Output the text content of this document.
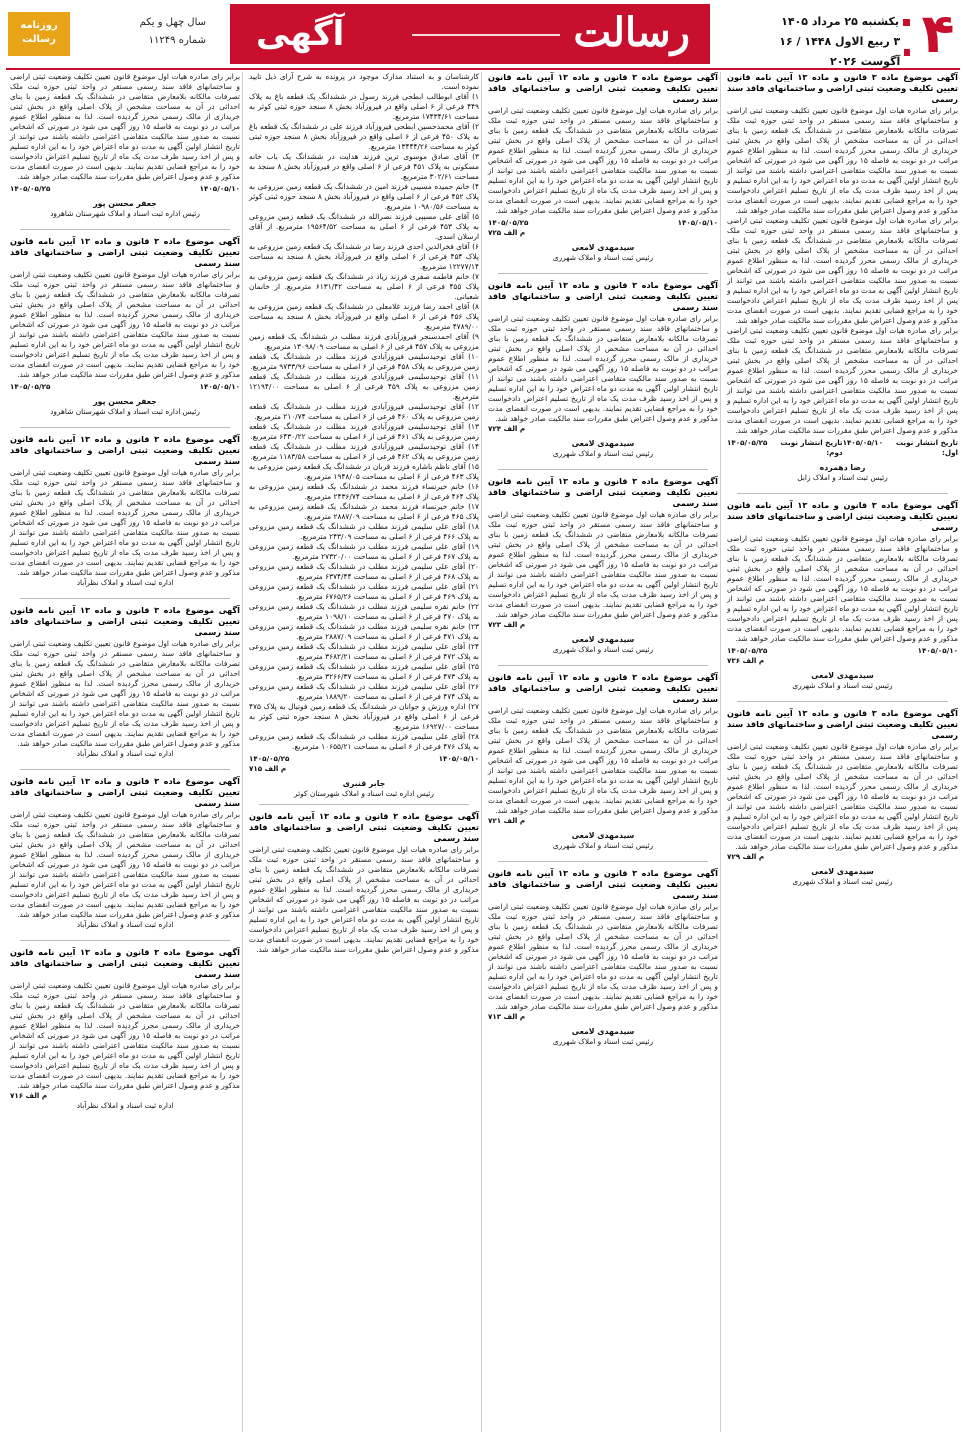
۴
یکشنبه ۲۵ مرداد ۱۴۰۵
۳ ربیع الاول ۱۴۴۸ / ۱۶ آگوست ۲۰۲۶
آگهی	رسالت
روزنامه رسالت
سال چهل و یکم
شماره ۱۱۲۴۹
آگهی موضوع ماده ۳ قانون و ماده ۱۳ آیین نامه قانون تعیین تکلیف وضعیت ثبتی اراضی و ساختمانهای فاقد سند رسمی
برابر رای صادره هیات اول موضوع قانون تعیین تکلیف وضعیت ثبتی اراضی و ساختمانهای فاقد سند رسمی مستقر در واحد ثبتی حوزه ثبت ملک تصرفات مالکانه بلامعارض متقاضی در ششدانگ یک قطعه زمین با بنای احداثی در آن به مساحت مشخص از پلاک اصلی واقع در بخش ثبتی خریداری از مالک رسمی محرز گردیده است. لذا به منظور اطلاع عموم مراتب در دو نوبت به فاصله ۱۵ روز آگهی می شود در صورتی که اشخاص نسبت به صدور سند مالکیت متقاضی اعتراضی داشته باشند می توانند از تاریخ انتشار اولین آگهی به مدت دو ماه اعتراض خود را به این اداره تسلیم و پس از اخذ رسید ظرف مدت یک ماه از تاریخ تسلیم اعتراض دادخواست خود را به مراجع قضایی تقدیم نمایند. بدیهی است در صورت انقضای مدت مذکور و عدم وصول اعتراض طبق مقررات سند مالکیت صادر خواهد شد.
برابر رای صادره هیات اول موضوع قانون تعیین تکلیف وضعیت ثبتی اراضی و ساختمانهای فاقد سند رسمی مستقر در واحد ثبتی حوزه ثبت ملک تصرفات مالکانه بلامعارض متقاضی در ششدانگ یک قطعه زمین با بنای احداثی در آن به مساحت مشخص از پلاک اصلی واقع در بخش ثبتی خریداری از مالک رسمی محرز گردیده است. لذا به منظور اطلاع عموم مراتب در دو نوبت به فاصله ۱۵ روز آگهی می شود در صورتی که اشخاص نسبت به صدور سند مالکیت متقاضی اعتراضی داشته باشند می توانند از تاریخ انتشار اولین آگهی به مدت دو ماه اعتراض خود را به این اداره تسلیم و پس از اخذ رسید ظرف مدت یک ماه از تاریخ تسلیم اعتراض دادخواست خود را به مراجع قضایی تقدیم نمایند. بدیهی است در صورت انقضای مدت مذکور و عدم وصول اعتراض طبق مقررات سند مالکیت صادر خواهد شد.
برابر رای صادره هیات اول موضوع قانون تعیین تکلیف وضعیت ثبتی اراضی و ساختمانهای فاقد سند رسمی مستقر در واحد ثبتی حوزه ثبت ملک تصرفات مالکانه بلامعارض متقاضی در ششدانگ یک قطعه زمین با بنای احداثی در آن به مساحت مشخص از پلاک اصلی واقع در بخش ثبتی خریداری از مالک رسمی محرز گردیده است. لذا به منظور اطلاع عموم مراتب در دو نوبت به فاصله ۱۵ روز آگهی می شود در صورتی که اشخاص نسبت به صدور سند مالکیت متقاضی اعتراضی داشته باشند می توانند از تاریخ انتشار اولین آگهی به مدت دو ماه اعتراض خود را به این اداره تسلیم و پس از اخذ رسید ظرف مدت یک ماه از تاریخ تسلیم اعتراض دادخواست خود را به مراجع قضایی تقدیم نمایند. بدیهی است در صورت انقضای مدت مذکور و عدم وصول اعتراض طبق مقررات سند مالکیت صادر خواهد شد.
تاریخ انتشار نوبت اول:
۱۴۰۵/۰۵/۱۰
تاریخ انتشار نوبت دوم:
۱۴۰۵/۰۵/۲۵
رضا دهمرده
رئیس ثبت اسناد و املاک زابل
آگهی موضوع ماده ۳ قانون و ماده ۱۳ آیین نامه قانون تعیین تکلیف وضعیت ثبتی اراضی و ساختمانهای فاقد سند رسمی
برابر رای صادره هیات اول موضوع قانون تعیین تکلیف وضعیت ثبتی اراضی و ساختمانهای فاقد سند رسمی مستقر در واحد ثبتی حوزه ثبت ملک تصرفات مالکانه بلامعارض متقاضی در ششدانگ یک قطعه زمین با بنای احداثی در آن به مساحت مشخص از پلاک اصلی واقع در بخش ثبتی خریداری از مالک رسمی محرز گردیده است. لذا به منظور اطلاع عموم مراتب در دو نوبت به فاصله ۱۵ روز آگهی می شود در صورتی که اشخاص نسبت به صدور سند مالکیت متقاضی اعتراضی داشته باشند می توانند از تاریخ انتشار اولین آگهی به مدت دو ماه اعتراض خود را به این اداره تسلیم و پس از اخذ رسید ظرف مدت یک ماه از تاریخ تسلیم اعتراض دادخواست خود را به مراجع قضایی تقدیم نمایند. بدیهی است در صورت انقضای مدت مذکور و عدم وصول اعتراض طبق مقررات سند مالکیت صادر خواهد شد.
۱۴۰۵/۰۵/۱۰
۱۴۰۵/۰۵/۲۵
م الف ۷۳۶
سیدمهدی لامعی
رئیس ثبت اسناد و املاک شهرری
آگهی موضوع ماده ۳ قانون و ماده ۱۳ آیین نامه قانون تعیین تکلیف وضعیت ثبتی اراضی و ساختمانهای فاقد سند رسمی
برابر رای صادره هیات اول موضوع قانون تعیین تکلیف وضعیت ثبتی اراضی و ساختمانهای فاقد سند رسمی مستقر در واحد ثبتی حوزه ثبت ملک تصرفات مالکانه بلامعارض متقاضی در ششدانگ یک قطعه زمین با بنای احداثی در آن به مساحت مشخص از پلاک اصلی واقع در بخش ثبتی خریداری از مالک رسمی محرز گردیده است. لذا به منظور اطلاع عموم مراتب در دو نوبت به فاصله ۱۵ روز آگهی می شود در صورتی که اشخاص نسبت به صدور سند مالکیت متقاضی اعتراضی داشته باشند می توانند از تاریخ انتشار اولین آگهی به مدت دو ماه اعتراض خود را به این اداره تسلیم و پس از اخذ رسید ظرف مدت یک ماه از تاریخ تسلیم اعتراض دادخواست خود را به مراجع قضایی تقدیم نمایند. بدیهی است در صورت انقضای مدت مذکور و عدم وصول اعتراض طبق مقررات سند مالکیت صادر خواهد شد.
م الف ۷۲۹
سیدمهدی لامعی
رئیس ثبت اسناد و املاک شهرری
آگهی موضوع ماده ۳ قانون و ماده ۱۳ آیین نامه قانون تعیین تکلیف وضعیت ثبتی اراضی و ساختمانهای فاقد سند رسمی
برابر رای صادره هیات اول موضوع قانون تعیین تکلیف وضعیت ثبتی اراضی و ساختمانهای فاقد سند رسمی مستقر در واحد ثبتی حوزه ثبت ملک تصرفات مالکانه بلامعارض متقاضی در ششدانگ یک قطعه زمین با بنای احداثی در آن به مساحت مشخص از پلاک اصلی واقع در بخش ثبتی خریداری از مالک رسمی محرز گردیده است. لذا به منظور اطلاع عموم مراتب در دو نوبت به فاصله ۱۵ روز آگهی می شود در صورتی که اشخاص نسبت به صدور سند مالکیت متقاضی اعتراضی داشته باشند می توانند از تاریخ انتشار اولین آگهی به مدت دو ماه اعتراض خود را به این اداره تسلیم و پس از اخذ رسید ظرف مدت یک ماه از تاریخ تسلیم اعتراض دادخواست خود را به مراجع قضایی تقدیم نمایند. بدیهی است در صورت انقضای مدت مذکور و عدم وصول اعتراض طبق مقررات سند مالکیت صادر خواهد شد.
۱۴۰۵/۰۵/۱۰
۱۴۰۵/۰۵/۲۵
م الف ۷۲۵
سیدمهدی لامعی
رئیس ثبت اسناد و املاک شهرری
آگهی موضوع ماده ۳ قانون و ماده ۱۳ آیین نامه قانون تعیین تکلیف وضعیت ثبتی اراضی و ساختمانهای فاقد سند رسمی
برابر رای صادره هیات اول موضوع قانون تعیین تکلیف وضعیت ثبتی اراضی و ساختمانهای فاقد سند رسمی مستقر در واحد ثبتی حوزه ثبت ملک تصرفات مالکانه بلامعارض متقاضی در ششدانگ یک قطعه زمین با بنای احداثی در آن به مساحت مشخص از پلاک اصلی واقع در بخش ثبتی خریداری از مالک رسمی محرز گردیده است. لذا به منظور اطلاع عموم مراتب در دو نوبت به فاصله ۱۵ روز آگهی می شود در صورتی که اشخاص نسبت به صدور سند مالکیت متقاضی اعتراضی داشته باشند می توانند از تاریخ انتشار اولین آگهی به مدت دو ماه اعتراض خود را به این اداره تسلیم و پس از اخذ رسید ظرف مدت یک ماه از تاریخ تسلیم اعتراض دادخواست خود را به مراجع قضایی تقدیم نمایند. بدیهی است در صورت انقضای مدت مذکور و عدم وصول اعتراض طبق مقررات سند مالکیت صادر خواهد شد.
م الف ۷۲۴
سیدمهدی لامعی
رئیس ثبت اسناد و املاک شهرری
آگهی موضوع ماده ۳ قانون و ماده ۱۳ آیین نامه قانون تعیین تکلیف وضعیت ثبتی اراضی و ساختمانهای فاقد سند رسمی
برابر رای صادره هیات اول موضوع قانون تعیین تکلیف وضعیت ثبتی اراضی و ساختمانهای فاقد سند رسمی مستقر در واحد ثبتی حوزه ثبت ملک تصرفات مالکانه بلامعارض متقاضی در ششدانگ یک قطعه زمین با بنای احداثی در آن به مساحت مشخص از پلاک اصلی واقع در بخش ثبتی خریداری از مالک رسمی محرز گردیده است. لذا به منظور اطلاع عموم مراتب در دو نوبت به فاصله ۱۵ روز آگهی می شود در صورتی که اشخاص نسبت به صدور سند مالکیت متقاضی اعتراضی داشته باشند می توانند از تاریخ انتشار اولین آگهی به مدت دو ماه اعتراض خود را به این اداره تسلیم و پس از اخذ رسید ظرف مدت یک ماه از تاریخ تسلیم اعتراض دادخواست خود را به مراجع قضایی تقدیم نمایند. بدیهی است در صورت انقضای مدت مذکور و عدم وصول اعتراض طبق مقررات سند مالکیت صادر خواهد شد.
م الف ۷۲۳
سیدمهدی لامعی
رئیس ثبت اسناد و املاک شهرری
آگهی موضوع ماده ۳ قانون و ماده ۱۳ آیین نامه قانون تعیین تکلیف وضعیت ثبتی اراضی و ساختمانهای فاقد سند رسمی
برابر رای صادره هیات اول موضوع قانون تعیین تکلیف وضعیت ثبتی اراضی و ساختمانهای فاقد سند رسمی مستقر در واحد ثبتی حوزه ثبت ملک تصرفات مالکانه بلامعارض متقاضی در ششدانگ یک قطعه زمین با بنای احداثی در آن به مساحت مشخص از پلاک اصلی واقع در بخش ثبتی خریداری از مالک رسمی محرز گردیده است. لذا به منظور اطلاع عموم مراتب در دو نوبت به فاصله ۱۵ روز آگهی می شود در صورتی که اشخاص نسبت به صدور سند مالکیت متقاضی اعتراضی داشته باشند می توانند از تاریخ انتشار اولین آگهی به مدت دو ماه اعتراض خود را به این اداره تسلیم و پس از اخذ رسید ظرف مدت یک ماه از تاریخ تسلیم اعتراض دادخواست خود را به مراجع قضایی تقدیم نمایند. بدیهی است در صورت انقضای مدت مذکور و عدم وصول اعتراض طبق مقررات سند مالکیت صادر خواهد شد.
م الف ۷۲۱
سیدمهدی لامعی
رئیس ثبت اسناد و املاک شهرری
آگهی موضوع ماده ۳ قانون و ماده ۱۳ آیین نامه قانون تعیین تکلیف وضعیت ثبتی اراضی و ساختمانهای فاقد سند رسمی
برابر رای صادره هیات اول موضوع قانون تعیین تکلیف وضعیت ثبتی اراضی و ساختمانهای فاقد سند رسمی مستقر در واحد ثبتی حوزه ثبت ملک تصرفات مالکانه بلامعارض متقاضی در ششدانگ یک قطعه زمین با بنای احداثی در آن به مساحت مشخص از پلاک اصلی واقع در بخش ثبتی خریداری از مالک رسمی محرز گردیده است. لذا به منظور اطلاع عموم مراتب در دو نوبت به فاصله ۱۵ روز آگهی می شود در صورتی که اشخاص نسبت به صدور سند مالکیت متقاضی اعتراضی داشته باشند می توانند از تاریخ انتشار اولین آگهی به مدت دو ماه اعتراض خود را به این اداره تسلیم و پس از اخذ رسید ظرف مدت یک ماه از تاریخ تسلیم اعتراض دادخواست خود را به مراجع قضایی تقدیم نمایند. بدیهی است در صورت انقضای مدت مذکور و عدم وصول اعتراض طبق مقررات سند مالکیت صادر خواهد شد.
م الف ۷۱۳
سیدمهدی لامعی
رئیس ثبت اسناد و املاک شهرری
کارشناسان و به استناد مدارک موجود در پرونده به شرح آرای ذیل تایید نموده است.
۱) آقای ابوطالب ابطحی فرزند رسول در ششدانگ یک قطعه باغ به پلاک ۴۴۹ فرعی از ۶ اصلی واقع در فیروزآباد بخش ۸ سنجد حوزه ثبتی کوثر به مساحت ۱۷۴۳۴/۶۱ مترمربع.
۲) آقای محمدحسین ابطحی فیروزآباد فرزند علی در ششدانگ یک قطعه باغ به پلاک ۴۵۰ فرعی از ۶ اصلی واقع در فیروزآباد بخش ۸ سنجد حوزه ثبتی کوثر به مساحت ۱۳۴۴۴/۲۶ مترمربع.
۳) آقای صادق موسوی ترین فرزند هدایت در ششدانگ یک باب خانه مسکونی به پلاک ۴۵۱ فرعی از ۶ اصلی واقع در فیروزآباد بخش ۸ سنجد به مساحت ۳۰۲/۶۱ مترمربع.
۴) خانم حمیده مسیبی فرزند امین در ششدانگ یک قطعه زمین مزروعی به پلاک ۴۵۲ فرعی از ۶ اصلی واقع در فیروزآباد بخش ۸ سنجد حوزه ثبتی کوثر به مساحت ۱۰۹۸۰/۵۶ مترمربع.
۵) آقای علی مسیبی فرزند نصرالله در ششدانگ یک قطعه زمین مزروعی به پلاک ۴۵۳ فرعی از ۶ اصلی به مساحت ۱۹۵۶۴/۵۲ مترمربع. از آقای ارسلان اسدی.
۶) آقای فخرالدین احدی فرزند رضا در ششدانگ یک قطعه زمین مزروعی به پلاک ۴۵۴ فرعی از ۶ اصلی واقع در فیروزآباد بخش ۸ سنجد به مساحت ۱۲۲۷۷/۱۴ مترمربع.
۷) خانم فاطمه صفری فرزند زیاد در ششدانگ یک قطعه زمین مزروعی به پلاک ۴۵۵ فرعی از ۶ اصلی به مساحت ۶۱۳۱/۴۲ مترمربع. از خانمان شعبانی.
۸) آقای احمد رضا فرزند غلامعلی در ششدانگ یک قطعه زمین مزروعی به پلاک ۴۵۶ فرعی از ۶ اصلی واقع در فیروزآباد بخش ۸ سنجد به مساحت ۴۷۸۹/۰۰ مترمربع.
۹) آقای احمدسنجر فیروزآبادی فرزند مطلب در ششدانگ یک قطعه زمین مزروعی به پلاک ۴۵۷ فرعی از ۶ اصلی به مساحت ۱۳۰۹۸/۰۹ مترمربع.
۱۰) آقای توحیدسلیمی فیروزآبادی فرزند مطلب در ششدانگ یک قطعه زمین مزروعی به پلاک ۴۵۸ فرعی از ۶ اصلی به مساحت ۹۷۳۳/۹۶ مترمربع.
۱۱) آقای توحیدسلیمی فیروزآبادی فرزند مطلب در ششدانگ یک قطعه زمین مزروعی به پلاک ۴۵۹ فرعی از ۶ اصلی به مساحت ۱۲۱۹۴/۰۰ مترمربع.
۱۲) آقای توحیدسلیمی فیروزآبادی فرزند مطلب در ششدانگ یک قطعه زمین مزروعی به پلاک ۴۶۰ فرعی از ۶ اصلی به مساحت ۲۱۰/۷۴ مترمربع.
۱۳) آقای توحیدسلیمی فیروزآبادی فرزند مطلب در ششدانگ یک قطعه زمین مزروعی به پلاک ۴۶۱ فرعی از ۶ اصلی به مساحت ۶۴۳۰/۲۲ مترمربع.
۱۴) آقای توحیدسلیمی فیروزآبادی فرزند مطلب در ششدانگ یک قطعه زمین مزروعی به پلاک ۴۶۲ فرعی از ۶ اصلی به مساحت ۱۱۸۳/۵۸ مترمربع.
۱۵) آقای ناظم باشاره فرزند قربان در ششدانگ یک قطعه زمین مزروعی به پلاک ۴۶۳ فرعی از ۶ اصلی به مساحت ۱۹۴۸/۰۵ مترمربع.
۱۶) خانم خیرنساء فرزند محمد در ششدانگ یک قطعه زمین مزروعی به پلاک ۴۶۴ فرعی از ۶ اصلی به مساحت ۲۴۳۶/۷۴ مترمربع.
۱۷) خانم خیرنساء فرزند محمد در ششدانگ یک قطعه زمین مزروعی به پلاک ۴۶۵ فرعی از ۶ اصلی به مساحت ۲۸۸۷/۰۹ مترمربع.
۱۸) آقای علی سلیمی فرزند مطلب در ششدانگ یک قطعه زمین مزروعی به پلاک ۴۶۶ فرعی از ۶ اصلی به مساحت ۲۴۳/۰۹ مترمربع.
۱۹) آقای علی سلیمی فرزند مطلب در ششدانگ یک قطعه زمین مزروعی به پلاک ۴۶۷ فرعی از ۶ اصلی به مساحت ۲۷۳۲۰/۰۰ مترمربع.
۲۰) آقای علی سلیمی فرزند مطلب در ششدانگ یک قطعه زمین مزروعی به پلاک ۴۶۸ فرعی از ۶ اصلی به مساحت ۶۳۷۴/۴۴ مترمربع.
۲۱) آقای علی سلیمی فرزند مطلب در ششدانگ یک قطعه زمین مزروعی به پلاک ۴۶۹ فرعی از ۶ اصلی به مساحت ۶۷۶۵/۲۶ مترمربع.
۲۲) خانم نقره سلیمی فرزند مطلب در ششدانگ یک قطعه زمین مزروعی به پلاک ۴۷۰ فرعی از ۶ اصلی به مساحت ۱۰۹۸/۱۰ مترمربع.
۲۳) خانم نقره سلیمی فرزند مطلب در ششدانگ یک قطعه زمین مزروعی به پلاک ۴۷۱ فرعی از ۶ اصلی به مساحت ۲۸۸۷/۰۹ مترمربع.
۲۴) آقای علی سلیمی فرزند مطلب در ششدانگ یک قطعه زمین مزروعی به پلاک ۴۷۲ فرعی از ۶ اصلی به مساحت ۳۶۸۲/۲۱ مترمربع.
۲۵) آقای علی سلیمی فرزند مطلب در ششدانگ یک قطعه زمین مزروعی به پلاک ۴۷۳ فرعی از ۶ اصلی به مساحت ۳۲۶۶/۳۷ مترمربع.
۲۶) آقای علی سلیمی فرزند مطلب در ششدانگ یک قطعه زمین مزروعی به پلاک ۴۷۴ فرعی از ۶ اصلی به مساحت ۱۸۸۹/۲۰ مترمربع.
۲۷) اداره ورزش و جوانان در ششدانگ یک قطعه زمین فوتبال به پلاک ۴۷۵ فرعی از ۶ اصلی واقع در فیروزآباد بخش ۸ سنجد حوزه ثبتی کوثر به مساحت ۱۶۹۲۷/۰۰ مترمربع.
۲۸) آقای علی سلیمی فرزند مطلب در ششدانگ یک قطعه زمین مزروعی به پلاک ۴۷۶ فرعی از ۶ اصلی به مساحت ۱۰۶۵۵/۲۱ مترمربع.
۱۴۰۵/۰۵/۱۰
۱۴۰۵/۰۵/۲۵
م الف ۷۱۵
جابر قنبری
رئیس اداره ثبت اسناد و املاک شهرستان کوثر
آگهی موضوع ماده ۳ قانون و ماده ۱۳ آیین نامه قانون تعیین تکلیف وضعیت ثبتی اراضی و ساختمانهای فاقد سند رسمی
برابر رای صادره هیات اول موضوع قانون تعیین تکلیف وضعیت ثبتی اراضی و ساختمانهای فاقد سند رسمی مستقر در واحد ثبتی حوزه ثبت ملک تصرفات مالکانه بلامعارض متقاضی در ششدانگ یک قطعه زمین با بنای احداثی در آن به مساحت مشخص از پلاک اصلی واقع در بخش ثبتی خریداری از مالک رسمی محرز گردیده است. لذا به منظور اطلاع عموم مراتب در دو نوبت به فاصله ۱۵ روز آگهی می شود در صورتی که اشخاص نسبت به صدور سند مالکیت متقاضی اعتراضی داشته باشند می توانند از تاریخ انتشار اولین آگهی به مدت دو ماه اعتراض خود را به این اداره تسلیم و پس از اخذ رسید ظرف مدت یک ماه از تاریخ تسلیم اعتراض دادخواست خود را به مراجع قضایی تقدیم نمایند. بدیهی است در صورت انقضای مدت مذکور و عدم وصول اعتراض طبق مقررات سند مالکیت صادر خواهد شد.
برابر رای صادره هیات اول موضوع قانون تعیین تکلیف وضعیت ثبتی اراضی و ساختمانهای فاقد سند رسمی مستقر در واحد ثبتی حوزه ثبت ملک تصرفات مالکانه بلامعارض متقاضی در ششدانگ یک قطعه زمین با بنای احداثی در آن به مساحت مشخص از پلاک اصلی واقع در بخش ثبتی خریداری از مالک رسمی محرز گردیده است. لذا به منظور اطلاع عموم مراتب در دو نوبت به فاصله ۱۵ روز آگهی می شود در صورتی که اشخاص نسبت به صدور سند مالکیت متقاضی اعتراضی داشته باشند می توانند از تاریخ انتشار اولین آگهی به مدت دو ماه اعتراض خود را به این اداره تسلیم و پس از اخذ رسید ظرف مدت یک ماه از تاریخ تسلیم اعتراض دادخواست خود را به مراجع قضایی تقدیم نمایند. بدیهی است در صورت انقضای مدت مذکور و عدم وصول اعتراض طبق مقررات سند مالکیت صادر خواهد شد.
۱۴۰۵/۰۵/۱۰
۱۴۰۵/۰۵/۲۵
جعفر محسن پور
رئیس اداره ثبت اسناد و املاک شهرستان شاهرود
آگهی موضوع ماده ۳ قانون و ماده ۱۳ آیین نامه قانون تعیین تکلیف وضعیت ثبتی اراضی و ساختمانهای فاقد سند رسمی
برابر رای صادره هیات اول موضوع قانون تعیین تکلیف وضعیت ثبتی اراضی و ساختمانهای فاقد سند رسمی مستقر در واحد ثبتی حوزه ثبت ملک تصرفات مالکانه بلامعارض متقاضی در ششدانگ یک قطعه زمین با بنای احداثی در آن به مساحت مشخص از پلاک اصلی واقع در بخش ثبتی خریداری از مالک رسمی محرز گردیده است. لذا به منظور اطلاع عموم مراتب در دو نوبت به فاصله ۱۵ روز آگهی می شود در صورتی که اشخاص نسبت به صدور سند مالکیت متقاضی اعتراضی داشته باشند می توانند از تاریخ انتشار اولین آگهی به مدت دو ماه اعتراض خود را به این اداره تسلیم و پس از اخذ رسید ظرف مدت یک ماه از تاریخ تسلیم اعتراض دادخواست خود را به مراجع قضایی تقدیم نمایند. بدیهی است در صورت انقضای مدت مذکور و عدم وصول اعتراض طبق مقررات سند مالکیت صادر خواهد شد.
۱۴۰۵/۰۵/۱۰
۱۴۰۵/۰۵/۲۵
جعفر محسن پور
رئیس اداره ثبت اسناد و املاک شهرستان شاهرود
آگهی موضوع ماده ۳ قانون و ماده ۱۳ آیین نامه قانون تعیین تکلیف وضعیت ثبتی اراضی و ساختمانهای فاقد سند رسمی
برابر رای صادره هیات اول موضوع قانون تعیین تکلیف وضعیت ثبتی اراضی و ساختمانهای فاقد سند رسمی مستقر در واحد ثبتی حوزه ثبت ملک تصرفات مالکانه بلامعارض متقاضی در ششدانگ یک قطعه زمین با بنای احداثی در آن به مساحت مشخص از پلاک اصلی واقع در بخش ثبتی خریداری از مالک رسمی محرز گردیده است. لذا به منظور اطلاع عموم مراتب در دو نوبت به فاصله ۱۵ روز آگهی می شود در صورتی که اشخاص نسبت به صدور سند مالکیت متقاضی اعتراضی داشته باشند می توانند از تاریخ انتشار اولین آگهی به مدت دو ماه اعتراض خود را به این اداره تسلیم و پس از اخذ رسید ظرف مدت یک ماه از تاریخ تسلیم اعتراض دادخواست خود را به مراجع قضایی تقدیم نمایند. بدیهی است در صورت انقضای مدت مذکور و عدم وصول اعتراض طبق مقررات سند مالکیت صادر خواهد شد.
اداره ثبت اسناد و املاک نظرآباد
آگهی موضوع ماده ۳ قانون و ماده ۱۳ آیین نامه قانون تعیین تکلیف وضعیت ثبتی اراضی و ساختمانهای فاقد سند رسمی
برابر رای صادره هیات اول موضوع قانون تعیین تکلیف وضعیت ثبتی اراضی و ساختمانهای فاقد سند رسمی مستقر در واحد ثبتی حوزه ثبت ملک تصرفات مالکانه بلامعارض متقاضی در ششدانگ یک قطعه زمین با بنای احداثی در آن به مساحت مشخص از پلاک اصلی واقع در بخش ثبتی خریداری از مالک رسمی محرز گردیده است. لذا به منظور اطلاع عموم مراتب در دو نوبت به فاصله ۱۵ روز آگهی می شود در صورتی که اشخاص نسبت به صدور سند مالکیت متقاضی اعتراضی داشته باشند می توانند از تاریخ انتشار اولین آگهی به مدت دو ماه اعتراض خود را به این اداره تسلیم و پس از اخذ رسید ظرف مدت یک ماه از تاریخ تسلیم اعتراض دادخواست خود را به مراجع قضایی تقدیم نمایند. بدیهی است در صورت انقضای مدت مذکور و عدم وصول اعتراض طبق مقررات سند مالکیت صادر خواهد شد.
اداره ثبت اسناد و املاک نظرآباد
آگهی موضوع ماده ۳ قانون و ماده ۱۳ آیین نامه قانون تعیین تکلیف وضعیت ثبتی اراضی و ساختمانهای فاقد سند رسمی
برابر رای صادره هیات اول موضوع قانون تعیین تکلیف وضعیت ثبتی اراضی و ساختمانهای فاقد سند رسمی مستقر در واحد ثبتی حوزه ثبت ملک تصرفات مالکانه بلامعارض متقاضی در ششدانگ یک قطعه زمین با بنای احداثی در آن به مساحت مشخص از پلاک اصلی واقع در بخش ثبتی خریداری از مالک رسمی محرز گردیده است. لذا به منظور اطلاع عموم مراتب در دو نوبت به فاصله ۱۵ روز آگهی می شود در صورتی که اشخاص نسبت به صدور سند مالکیت متقاضی اعتراضی داشته باشند می توانند از تاریخ انتشار اولین آگهی به مدت دو ماه اعتراض خود را به این اداره تسلیم و پس از اخذ رسید ظرف مدت یک ماه از تاریخ تسلیم اعتراض دادخواست خود را به مراجع قضایی تقدیم نمایند. بدیهی است در صورت انقضای مدت مذکور و عدم وصول اعتراض طبق مقررات سند مالکیت صادر خواهد شد.
اداره ثبت اسناد و املاک نظرآباد
آگهی موضوع ماده ۳ قانون و ماده ۱۳ آیین نامه قانون تعیین تکلیف وضعیت ثبتی اراضی و ساختمانهای فاقد سند رسمی
برابر رای صادره هیات اول موضوع قانون تعیین تکلیف وضعیت ثبتی اراضی و ساختمانهای فاقد سند رسمی مستقر در واحد ثبتی حوزه ثبت ملک تصرفات مالکانه بلامعارض متقاضی در ششدانگ یک قطعه زمین با بنای احداثی در آن به مساحت مشخص از پلاک اصلی واقع در بخش ثبتی خریداری از مالک رسمی محرز گردیده است. لذا به منظور اطلاع عموم مراتب در دو نوبت به فاصله ۱۵ روز آگهی می شود در صورتی که اشخاص نسبت به صدور سند مالکیت متقاضی اعتراضی داشته باشند می توانند از تاریخ انتشار اولین آگهی به مدت دو ماه اعتراض خود را به این اداره تسلیم و پس از اخذ رسید ظرف مدت یک ماه از تاریخ تسلیم اعتراض دادخواست خود را به مراجع قضایی تقدیم نمایند. بدیهی است در صورت انقضای مدت مذکور و عدم وصول اعتراض طبق مقررات سند مالکیت صادر خواهد شد.
م الف ۷۱۶
اداره ثبت اسناد و املاک نظرآباد
